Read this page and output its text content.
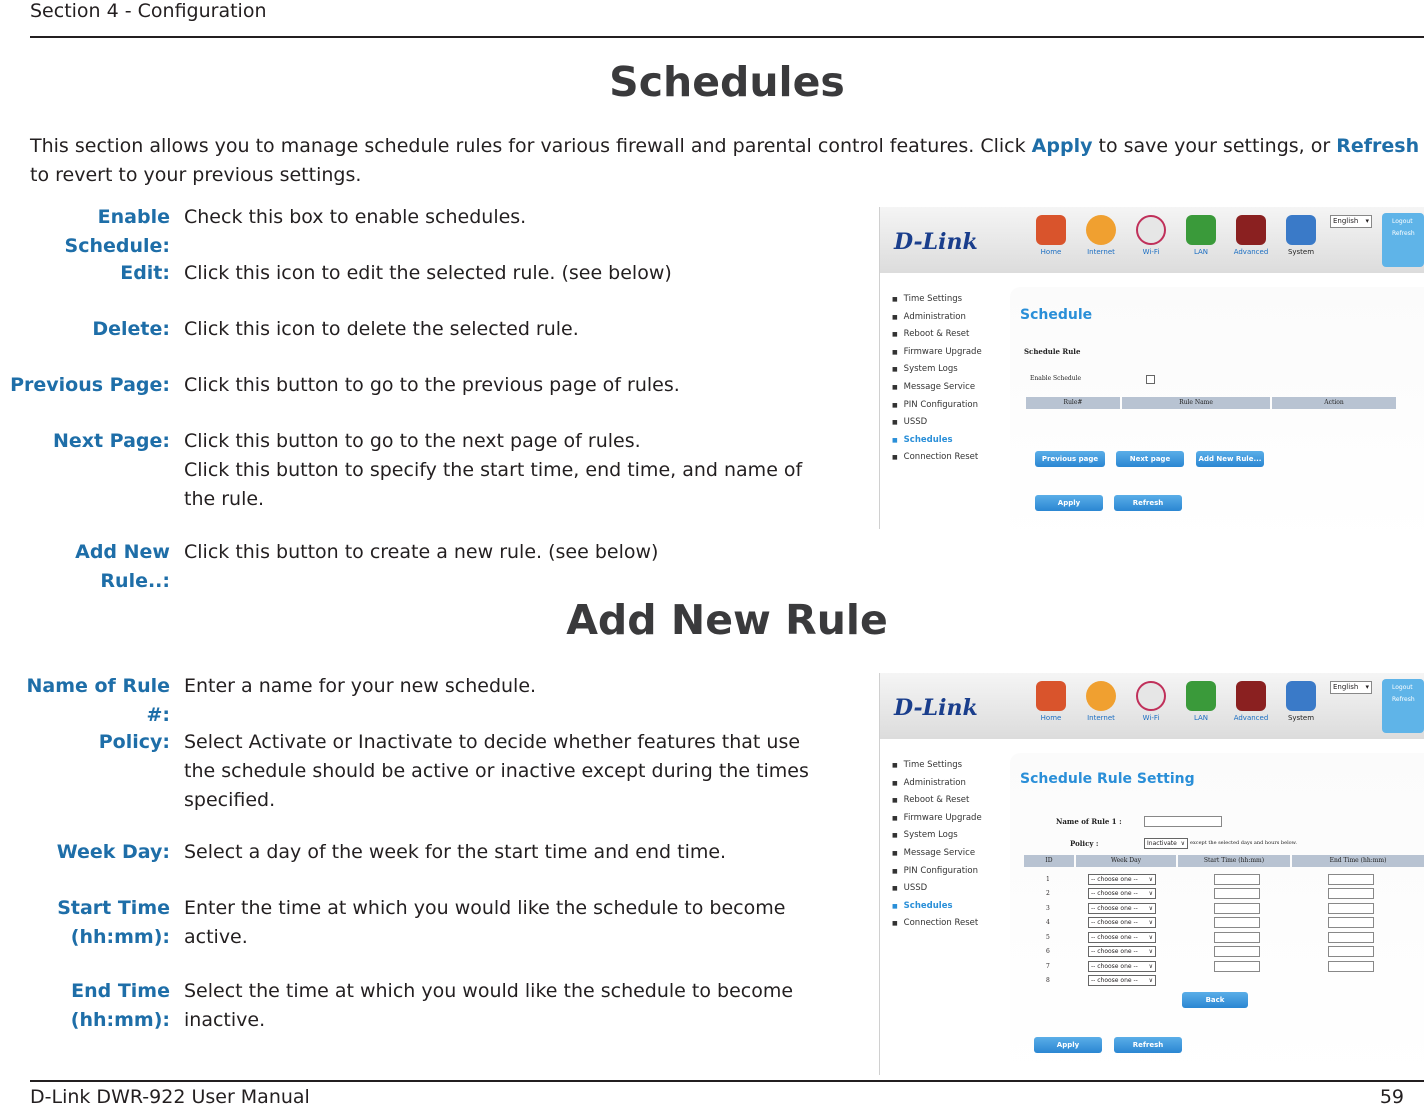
Section 4 - Configuration
Schedules
This section allows you to manage schedule rules for various firewall and parental control features. Click Apply to save your settings, or Refresh to revert to your previous settings.
Enable Schedule:
Check this box to enable schedules.
Edit: Click this icon to edit the selected rule. (see below)
Delete: Click this icon to delete the selected rule.
Previous Page: Click this button to go to the previous page of rules.
Next Page: Click this button to go to the next page of rules.
Click this button to specify the start time, end time, and name of the rule.
Add New Rule..:
Click this button to create a new rule. (see below)
D-Link	Home	Internet	Wi-Fi	LAN	Advanced	System
English ▾	Logout
Refresh
■ Time Settings
■ Administration
■ Reboot & Reset
■ Firmware Upgrade
■ System Logs
■ Message Service
■ PIN Configuration
■ USSD
■ Schedules
■ Connection Reset
Schedule
Schedule Rule
Enable Schedule
Rule#	Rule Name	Action
Previous page	Next page	Add New Rule...
Apply	Refresh
Add New Rule
Name of Rule #:
Enter a name for your new schedule.
Policy: Select Activate or Inactivate to decide whether features that use the schedule should be active or inactive except during the times specified.
Week Day: Select a day of the week for the start time and end time.
Start Time
(hh:mm):
Enter the time at which you would like the schedule to become active.
End Time
(hh:mm):
Select the time at which you would like the schedule to become inactive.
D-Link	Home	Internet	Wi-Fi	LAN	Advanced	System
English ▾	Logout
Refresh
■ Time Settings
■ Administration
■ Reboot & Reset
■ Firmware Upgrade
■ System Logs
■ Message Service
■ PIN Configuration
■ USSD
■ Schedules
■ Connection Reset
Schedule Rule Setting
Name of Rule 1 :
Policy :	Inactivate ∨	except the selected days and hours below.
ID	Week Day	Start Time (hh:mm)	End Time (hh:mm)
1	-- choose one -- ∨
2	-- choose one -- ∨
3	-- choose one -- ∨
4	-- choose one -- ∨
5	-- choose one -- ∨
6	-- choose one -- ∨
7	-- choose one -- ∨
8	-- choose one -- ∨
Back
Apply	Refresh
D-Link DWR-922 User Manual	59
